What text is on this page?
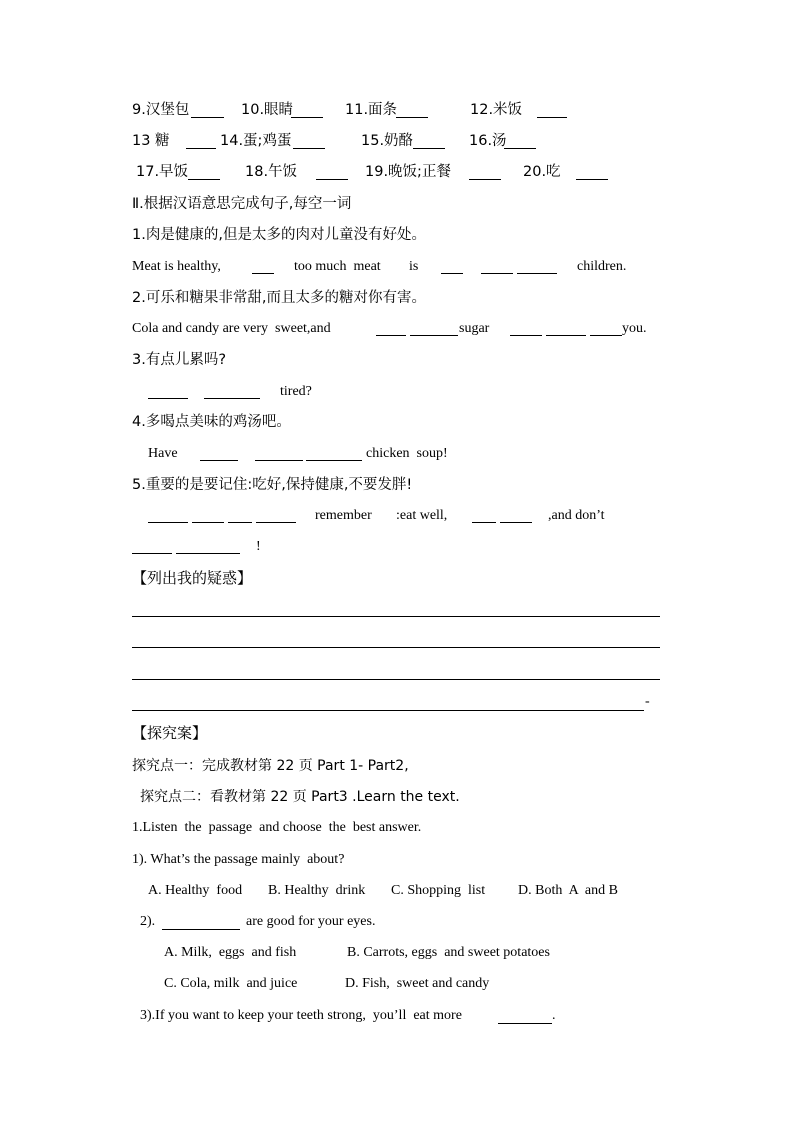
9.汉堡包	10.眼睛	11.面条	12.米饭
13 糖	14.蛋;鸡蛋	15.奶酪	16.汤
17.早饭	18.午饭	19.晚饭;正餐	20.吃
Ⅱ.根据汉语意思完成句子,每空一词
1.肉是健康的,但是太多的肉对儿童没有好处。
Meat is healthy,	too much  meat is	children.
2.可乐和糖果非常甜,而且太多的糖对你有害。
Cola and candy are very  sweet,and	sugar	you.
3.有点儿累吗?
tired?
4.多喝点美味的鸡汤吧。
Have	chicken  soup!
5.重要的是要记住:吃好,保持健康,不要发胖!
remember :eat well,	,and don’t
!
【列出我的疑惑】
-
【探究案】
探究点一：完成教材第 22 页 Part 1- Part2,
探究点二：看教材第 22 页 Part3 .Learn the text.
1.Listen  the  passage  and choose  the  best answer.
1). What’s the passage mainly  about?
A. Healthy  food B. Healthy  drink C. Shopping  list D. Both  A  and B
2).	are good for your eyes.
A. Milk,  eggs  and fish	B. Carrots, eggs  and sweet potatoes
C. Cola, milk  and juice	D. Fish,  sweet and candy
3).If you want to keep your teeth strong,  you’ll  eat more	.
